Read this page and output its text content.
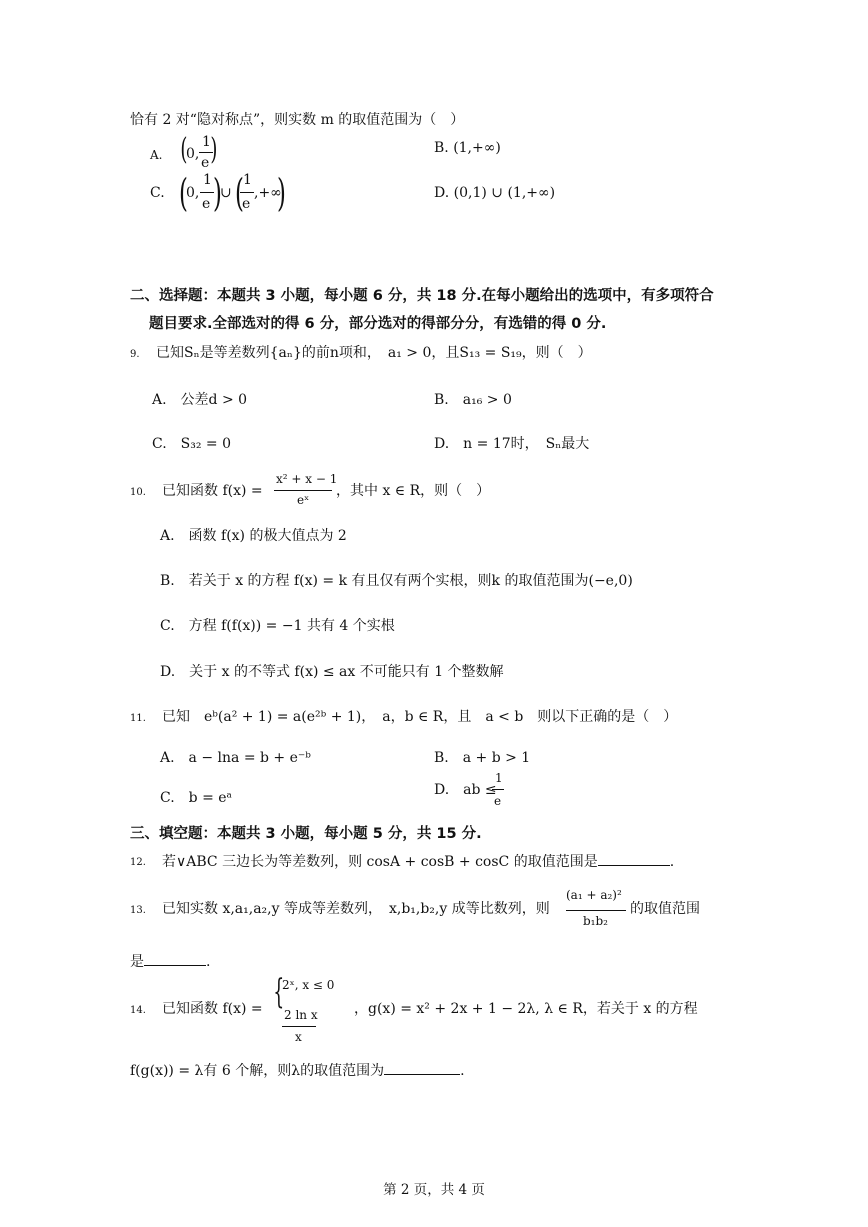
恰有 2 对“隐对称点”，则实数 m 的取值范围为（　）
A. (
0,
1
e )	B. (1,+∞)
C. (
0,
1
e )
∪ ( 1
e
,+∞
)	D. (0,1) ∪ (1,+∞)
二、选择题：本题共 3 小题，每小题 6 分，共 18 分.在每小题给出的选项中，有多项符合
题目要求.全部选对的得 6 分，部分选对的得部分分，有选错的得 0 分.
9. 已知Sₙ是等差数列{aₙ}的前n项和，　a₁ > 0，且S₁₃ = S₁₉，则（　）
A.　公差d > 0	B.　a₁₆ > 0
C.　S₃₂ = 0	D.　n = 17时，　Sₙ最大
10. 已知函数 f(x) =
x² + x − 1
eˣ
，其中 x ∈ R，则（　）
A.　函数 f(x) 的极大值点为 2
B.　若关于 x 的方程 f(x) = k 有且仅有两个实根，则k 的取值范围为(−e,0)
C.　方程 f(f(x)) = −1 共有 4 个实根
D.　关于 x 的不等式 f(x) ≤ ax 不可能只有 1 个整数解
11. 已知　eᵇ(a² + 1) = a(e²ᵇ + 1)，　a，b ∈ R，且　a < b　则以下正确的是（　）
A.　a − lna = b + e⁻ᵇ	B.　a + b > 1
C.　b = eᵃ	D.　ab ≤
1
e
三、填空题：本题共 3 小题，每小题 5 分，共 15 分.
12. 若∨ABC 三边长为等差数列，则 cosA + cosB + cosC 的取值范围是	.
13. 已知实数 x,a₁,a₂,y 等成等差数列，　x,b₁,b₂,y 成等比数列，则
(a₁ + a₂)²
b₁b₂
的取值范围
是	.
14. 已知函数 f(x) = {
2ˣ, x ≤ 0
2 ln x
x
，g(x) = x² + 2x + 1 − 2λ, λ ∈ R，若关于 x 的方程
f(g(x)) = λ有 6 个解，则λ的取值范围为	.
第 2 页，共 4 页
